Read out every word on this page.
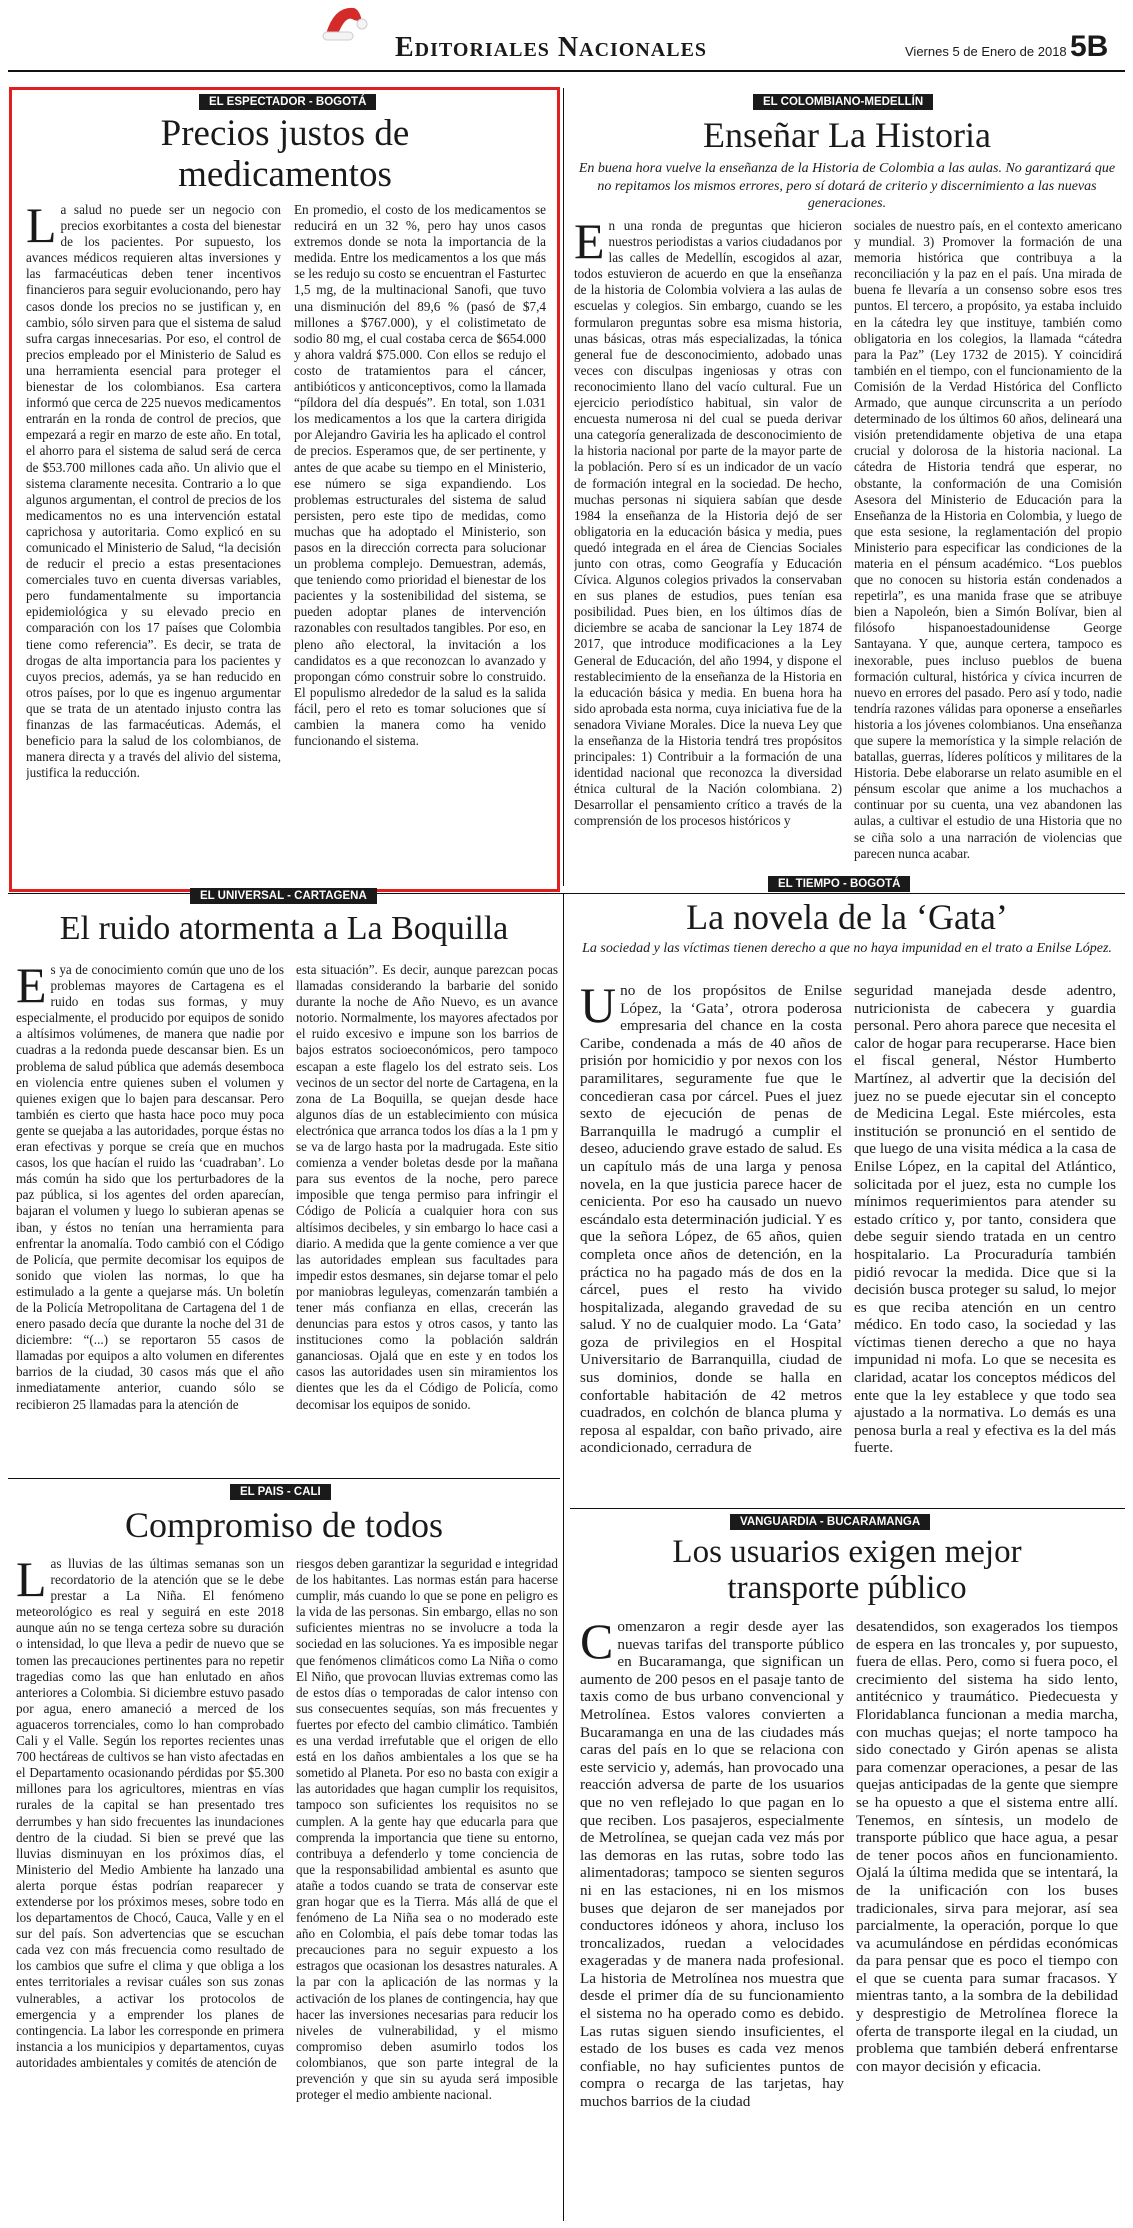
Editoriales Nacionales	Viernes 5 de Enero de 2018 5B
EL ESPECTADOR - BOGOTÁ
Precios justos de medicamentos
La salud no puede ser un negocio con precios exorbitantes a costa del bienestar de los pacientes. Por supuesto, los avances médicos requieren altas inversiones y las farmacéuticas deben tener incentivos financieros para seguir evolucionando, pero hay casos donde los precios no se justifican y, en cambio, sólo sirven para que el sistema de salud sufra cargas innecesarias. Por eso, el control de precios empleado por el Ministerio de Salud es una herramienta esencial para proteger el bienestar de los colombianos. Esa cartera informó que cerca de 225 nuevos medicamentos entrarán en la ronda de control de precios, que empezará a regir en marzo de este año. En total, el ahorro para el sistema de salud será de cerca de $53.700 millones cada año. Un alivio que el sistema claramente necesita. Contrario a lo que algunos argumentan, el control de precios de los medicamentos no es una intervención estatal caprichosa y autoritaria. Como explicó en su comunicado el Ministerio de Salud, “la decisión de reducir el precio a estas presentaciones comerciales tuvo en cuenta diversas variables, pero fundamentalmente su importancia epidemiológica y su elevado precio en comparación con los 17 países que Colombia tiene como referencia”. Es decir, se trata de drogas de alta importancia para los pacientes y cuyos precios, además, ya se han reducido en otros países, por lo que es ingenuo argumentar que se trata de un atentado injusto contra las finanzas de las farmacéuticas. Además, el beneficio para la salud de los colombianos, de manera directa y a través del alivio del sistema, justifica la reducción.
En promedio, el costo de los medicamentos se reducirá en un 32 %, pero hay unos casos extremos donde se nota la importancia de la medida. Entre los medicamentos a los que más se les redujo su costo se encuentran el Fasturtec 1,5 mg, de la multinacional Sanofi, que tuvo una disminución del 89,6 % (pasó de $7,4 millones a $767.000), y el colistimetato de sodio 80 mg, el cual costaba cerca de $654.000 y ahora valdrá $75.000. Con ellos se redujo el costo de tratamientos para el cáncer, antibióticos y anticonceptivos, como la llamada “píldora del día después”. En total, son 1.031 los medicamentos a los que la cartera dirigida por Alejandro Gaviria les ha aplicado el control de precios. Esperamos que, de ser pertinente, y antes de que acabe su tiempo en el Ministerio, ese número se siga expandiendo. Los problemas estructurales del sistema de salud persisten, pero este tipo de medidas, como muchas que ha adoptado el Ministerio, son pasos en la dirección correcta para solucionar un problema complejo. Demuestran, además, que teniendo como prioridad el bienestar de los pacientes y la sostenibilidad del sistema, se pueden adoptar planes de intervención razonables con resultados tangibles. Por eso, en pleno año electoral, la invitación a los candidatos es a que reconozcan lo avanzado y propongan cómo construir sobre lo construido. El populismo alrededor de la salud es la salida fácil, pero el reto es tomar soluciones que sí cambien la manera como ha venido funcionando el sistema.
EL COLOMBIANO-MEDELLÍN
Enseñar La Historia
En buena hora vuelve la enseñanza de la Historia de Colombia a las aulas. No garantizará que no repitamos los mismos errores, pero sí dotará de criterio y discernimiento a las nuevas generaciones.
En una ronda de preguntas que hicieron nuestros periodistas a varios ciudadanos por las calles de Medellín, escogidos al azar, todos estuvieron de acuerdo en que la enseñanza de la historia de Colombia volviera a las aulas de escuelas y colegios. Sin embargo, cuando se les formularon preguntas sobre esa misma historia, unas básicas, otras más especializadas, la tónica general fue de desconocimiento, adobado unas veces con disculpas ingeniosas y otras con reconocimiento llano del vacío cultural. Fue un ejercicio periodístico habitual, sin valor de encuesta numerosa ni del cual se pueda derivar una categoría generalizada de desconocimiento de la historia nacional por parte de la mayor parte de la población. Pero sí es un indicador de un vacío de formación integral en la sociedad. De hecho, muchas personas ni siquiera sabían que desde 1984 la enseñanza de la Historia dejó de ser obligatoria en la educación básica y media, pues quedó integrada en el área de Ciencias Sociales junto con otras, como Geografía y Educación Cívica. Algunos colegios privados la conservaban en sus planes de estudios, pues tenían esa posibilidad. Pues bien, en los últimos días de diciembre se acaba de sancionar la Ley 1874 de 2017, que introduce modificaciones a la Ley General de Educación, del año 1994, y dispone el restablecimiento de la enseñanza de la Historia en la educación básica y media. En buena hora ha sido aprobada esta norma, cuya iniciativa fue de la senadora Viviane Morales. Dice la nueva Ley que la enseñanza de la Historia tendrá tres propósitos principales: 1) Contribuir a la formación de una identidad nacional que reconozca la diversidad étnica cultural de la Nación colombiana. 2) Desarrollar el pensamiento crítico a través de la comprensión de los procesos históricos y
sociales de nuestro país, en el contexto americano y mundial. 3) Promover la formación de una memoria histórica que contribuya a la reconciliación y la paz en el país. Una mirada de buena fe llevaría a un consenso sobre esos tres puntos. El tercero, a propósito, ya estaba incluido en la cátedra ley que instituye, también como obligatoria en los colegios, la llamada “cátedra para la Paz” (Ley 1732 de 2015). Y coincidirá también en el tiempo, con el funcionamiento de la Comisión de la Verdad Histórica del Conflicto Armado, que aunque circunscrita a un período determinado de los últimos 60 años, delineará una visión pretendidamente objetiva de una etapa crucial y dolorosa de la historia nacional. La cátedra de Historia tendrá que esperar, no obstante, la conformación de una Comisión Asesora del Ministerio de Educación para la Enseñanza de la Historia en Colombia, y luego de que esta sesione, la reglamentación del propio Ministerio para especificar las condiciones de la materia en el pénsum académico. “Los pueblos que no conocen su historia están condenados a repetirla”, es una manida frase que se atribuye bien a Napoleón, bien a Simón Bolívar, bien al filósofo hispanoestadounidense George Santayana. Y que, aunque certera, tampoco es inexorable, pues incluso pueblos de buena formación cultural, histórica y cívica incurren de nuevo en errores del pasado. Pero así y todo, nadie tendría razones válidas para oponerse a enseñarles historia a los jóvenes colombianos. Una enseñanza que supere la memorística y la simple relación de batallas, guerras, líderes políticos y militares de la Historia. Debe elaborarse un relato asumible en el pénsum escolar que anime a los muchachos a continuar por su cuenta, una vez abandonen las aulas, a cultivar el estudio de una Historia que no se ciña solo a una narración de violencias que parecen nunca acabar.
EL UNIVERSAL - CARTAGENA
El ruido atormenta a La Boquilla
Es ya de conocimiento común que uno de los problemas mayores de Cartagena es el ruido en todas sus formas, y muy especialmente, el producido por equipos de sonido a altísimos volúmenes, de manera que nadie por cuadras a la redonda puede descansar bien. Es un problema de salud pública que además desemboca en violencia entre quienes suben el volumen y quienes exigen que lo bajen para descansar. Pero también es cierto que hasta hace poco muy poca gente se quejaba a las autoridades, porque éstas no eran efectivas y porque se creía que en muchos casos, los que hacían el ruido las ‘cuadraban’. Lo más común ha sido que los perturbadores de la paz pública, si los agentes del orden aparecían, bajaran el volumen y luego lo subieran apenas se iban, y éstos no tenían una herramienta para enfrentar la anomalía. Todo cambió con el Código de Policía, que permite decomisar los equipos de sonido que violen las normas, lo que ha estimulado a la gente a quejarse más. Un boletín de la Policía Metropolitana de Cartagena del 1 de enero pasado decía que durante la noche del 31 de diciembre: “(...) se reportaron 55 casos de llamadas por equipos a alto volumen en diferentes barrios de la ciudad, 30 casos más que el año inmediatamente anterior, cuando sólo se recibieron 25 llamadas para la atención de
esta situación”. Es decir, aunque parezcan pocas llamadas considerando la barbarie del sonido durante la noche de Año Nuevo, es un avance notorio. Normalmente, los mayores afectados por el ruido excesivo e impune son los barrios de bajos estratos socioeconómicos, pero tampoco escapan a este flagelo los del estrato seis. Los vecinos de un sector del norte de Cartagena, en la zona de La Boquilla, se quejan desde hace algunos días de un establecimiento con música electrónica que arranca todos los días a la 1 pm y se va de largo hasta por la madrugada. Este sitio comienza a vender boletas desde por la mañana para sus eventos de la noche, pero parece imposible que tenga permiso para infringir el Código de Policía a cualquier hora con sus altísimos decibeles, y sin embargo lo hace casi a diario. A medida que la gente comience a ver que las autoridades emplean sus facultades para impedir estos desmanes, sin dejarse tomar el pelo por maniobras leguleyas, comenzarán también a tener más confianza en ellas, crecerán las denuncias para estos y otros casos, y tanto las instituciones como la población saldrán gananciosas. Ojalá que en este y en todos los casos las autoridades usen sin miramientos los dientes que les da el Código de Policía, como decomisar los equipos de sonido.
EL TIEMPO - BOGOTÁ
La novela de la ‘Gata’
La sociedad y las víctimas tienen derecho a que no haya impunidad en el trato a Enilse López.
Uno de los propósitos de Enilse López, la ‘Gata’, otrora poderosa empresaria del chance en la costa Caribe, condenada a más de 40 años de prisión por homicidio y por nexos con los paramilitares, seguramente fue que le concedieran casa por cárcel. Pues el juez sexto de ejecución de penas de Barranquilla le madrugó a cumplir el deseo, aduciendo grave estado de salud. Es un capítulo más de una larga y penosa novela, en la que justicia parece hacer de cenicienta. Por eso ha causado un nuevo escándalo esta determinación judicial. Y es que la señora López, de 65 años, quien completa once años de detención, en la práctica no ha pagado más de dos en la cárcel, pues el resto ha vivido hospitalizada, alegando gravedad de su salud. Y no de cualquier modo. La ‘Gata’ goza de privilegios en el Hospital Universitario de Barranquilla, ciudad de sus dominios, donde se halla en confortable habitación de 42 metros cuadrados, en colchón de blanca pluma y reposa al espaldar, con baño privado, aire acondicionado, cerradura de
seguridad manejada desde adentro, nutricionista de cabecera y guardia personal. Pero ahora parece que necesita el calor de hogar para recuperarse. Hace bien el fiscal general, Néstor Humberto Martínez, al advertir que la decisión del juez no se puede ejecutar sin el concepto de Medicina Legal. Este miércoles, esta institución se pronunció en el sentido de que luego de una visita médica a la casa de Enilse López, en la capital del Atlántico, solicitada por el juez, esta no cumple los mínimos requerimientos para atender su estado crítico y, por tanto, considera que debe seguir siendo tratada en un centro hospitalario. La Procuraduría también pidió revocar la medida. Dice que si la decisión busca proteger su salud, lo mejor es que reciba atención en un centro médico. En todo caso, la sociedad y las víctimas tienen derecho a que no haya impunidad ni mofa. Lo que se necesita es claridad, acatar los conceptos médicos del ente que la ley establece y que todo sea ajustado a la normativa. Lo demás es una penosa burla a real y efectiva es la del más fuerte.
EL PAIS - CALI
Compromiso de todos
Las lluvias de las últimas semanas son un recordatorio de la atención que se le debe prestar a La Niña. El fenómeno meteorológico es real y seguirá en este 2018 aunque aún no se tenga certeza sobre su duración o intensidad, lo que lleva a pedir de nuevo que se tomen las precauciones pertinentes para no repetir tragedias como las que han enlutado en años anteriores a Colombia. Si diciembre estuvo pasado por agua, enero amaneció a merced de los aguaceros torrenciales, como lo han comprobado Cali y el Valle. Según los reportes recientes unas 700 hectáreas de cultivos se han visto afectadas en el Departamento ocasionando pérdidas por $5.300 millones para los agricultores, mientras en vías rurales de la capital se han presentado tres derrumbes y han sido frecuentes las inundaciones dentro de la ciudad. Si bien se prevé que las lluvias disminuyan en los próximos días, el Ministerio del Medio Ambiente ha lanzado una alerta porque éstas podrían reaparecer y extenderse por los próximos meses, sobre todo en los departamentos de Chocó, Cauca, Valle y en el sur del país. Son advertencias que se escuchan cada vez con más frecuencia como resultado de los cambios que sufre el clima y que obliga a los entes territoriales a revisar cuáles son sus zonas vulnerables, a activar los protocolos de emergencia y a emprender los planes de contingencia. La labor les corresponde en primera instancia a los municipios y departamentos, cuyas autoridades ambientales y comités de atención de
riesgos deben garantizar la seguridad e integridad de los habitantes. Las normas están para hacerse cumplir, más cuando lo que se pone en peligro es la vida de las personas. Sin embargo, ellas no son suficientes mientras no se involucre a toda la sociedad en las soluciones. Ya es imposible negar que fenómenos climáticos como La Niña o como El Niño, que provocan lluvias extremas como las de estos días o temporadas de calor intenso con sus consecuentes sequías, son más frecuentes y fuertes por efecto del cambio climático. También es una verdad irrefutable que el origen de ello está en los daños ambientales a los que se ha sometido al Planeta. Por eso no basta con exigir a las autoridades que hagan cumplir los requisitos, tampoco son suficientes los requisitos no se cumplen. A la gente hay que educarla para que comprenda la importancia que tiene su entorno, contribuya a defenderlo y tome conciencia de que la responsabilidad ambiental es asunto que atañe a todos cuando se trata de conservar este gran hogar que es la Tierra. Más allá de que el fenómeno de La Niña sea o no moderado este año en Colombia, el país debe tomar todas las precauciones para no seguir expuesto a los estragos que ocasionan los desastres naturales. A la par con la aplicación de las normas y la activación de los planes de contingencia, hay que hacer las inversiones necesarias para reducir los niveles de vulnerabilidad, y el mismo compromiso deben asumirlo todos los colombianos, que son parte integral de la prevención y que sin su ayuda será imposible proteger el medio ambiente nacional.
VANGUARDIA - BUCARAMANGA
Los usuarios exigen mejor transporte público
Comenzaron a regir desde ayer las nuevas tarifas del transporte público en Bucaramanga, que significan un aumento de 200 pesos en el pasaje tanto de taxis como de bus urbano convencional y Metrolínea. Estos valores convierten a Bucaramanga en una de las ciudades más caras del país en lo que se relaciona con este servicio y, además, han provocado una reacción adversa de parte de los usuarios que no ven reflejado lo que pagan en lo que reciben. Los pasajeros, especialmente de Metrolínea, se quejan cada vez más por las demoras en las rutas, sobre todo las alimentadoras; tampoco se sienten seguros ni en las estaciones, ni en los mismos buses que dejaron de ser manejados por conductores idóneos y ahora, incluso los troncalizados, ruedan a velocidades exageradas y de manera nada profesional. La historia de Metrolínea nos muestra que desde el primer día de su funcionamiento el sistema no ha operado como es debido. Las rutas siguen siendo insuficientes, el estado de los buses es cada vez menos confiable, no hay suficientes puntos de compra o recarga de las tarjetas, hay muchos barrios de la ciudad
desatendidos, son exagerados los tiempos de espera en las troncales y, por supuesto, fuera de ellas. Pero, como si fuera poco, el crecimiento del sistema ha sido lento, antitécnico y traumático. Piedecuesta y Floridablanca funcionan a media marcha, con muchas quejas; el norte tampoco ha sido conectado y Girón apenas se alista para comenzar operaciones, a pesar de las quejas anticipadas de la gente que siempre se ha opuesto a que el sistema entre allí. Tenemos, en síntesis, un modelo de transporte público que hace agua, a pesar de tener pocos años en funcionamiento. Ojalá la última medida que se intentará, la de la unificación con los buses tradicionales, sirva para mejorar, así sea parcialmente, la operación, porque lo que va acumulándose en pérdidas económicas da para pensar que es poco el tiempo con el que se cuenta para sumar fracasos. Y mientras tanto, a la sombra de la debilidad y desprestigio de Metrolínea florece la oferta de transporte ilegal en la ciudad, un problema que también deberá enfrentarse con mayor decisión y eficacia.
